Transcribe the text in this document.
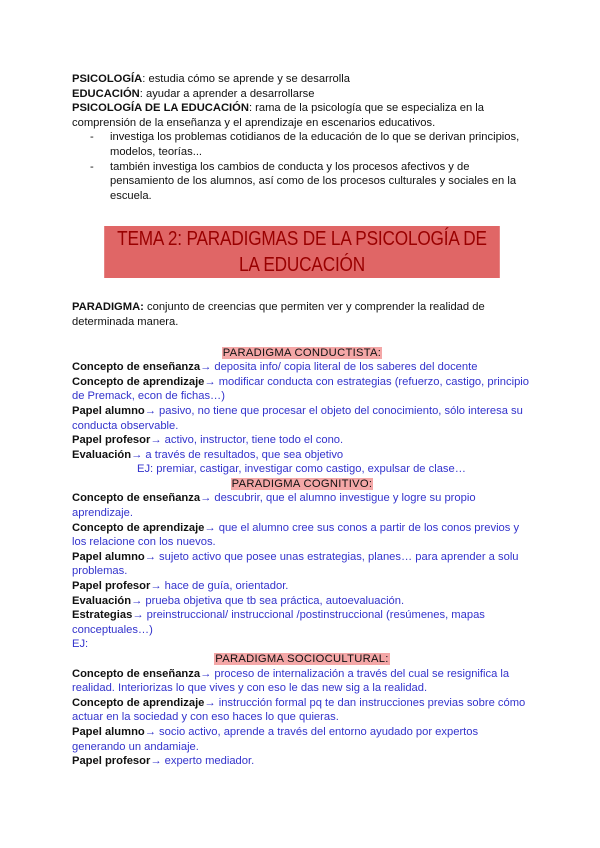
PSICOLOGÍA: estudia cómo se aprende y se desarrolla
EDUCACIÓN: ayudar a aprender a desarrollarse
PSICOLOGÍA DE LA EDUCACIÓN: rama de la psicología que se especializa en la comprensión de la enseñanza y el aprendizaje en escenarios educativos.
- investiga los problemas cotidianos de la educación de lo que se derivan principios, modelos, teorías...
- también investiga los cambios de conducta y los procesos afectivos y de pensamiento de los alumnos, así como de los procesos culturales y sociales en la escuela.
TEMA 2: PARADIGMAS DE LA PSICOLOGÍA DE LA EDUCACIÓN
PARADIGMA: conjunto de creencias que permiten ver y comprender la realidad de determinada manera.
PARADIGMA CONDUCTISTA:
Concepto de enseñanza→ deposita info/ copia literal de los saberes del docente
Concepto de aprendizaje→ modificar conducta con estrategias (refuerzo, castigo, principio de Premack, econ de fichas…)
Papel alumno→ pasivo, no tiene que procesar el objeto del conocimiento, sólo interesa su conducta observable.
Papel profesor→ activo, instructor, tiene todo el cono.
Evaluación→ a través de resultados, que sea objetivo
EJ: premiar, castigar, investigar como castigo, expulsar de clase…
PARADIGMA COGNITIVO:
Concepto de enseñanza→ descubrir, que el alumno investigue y logre su propio aprendizaje.
Concepto de aprendizaje→ que el alumno cree sus conos a partir de los conos previos y los relacione con los nuevos.
Papel alumno→ sujeto activo que posee unas estrategias, planes… para aprender a solu problemas.
Papel profesor→ hace de guía, orientador.
Evaluación→ prueba objetiva que tb sea práctica, autoevaluación.
Estrategias→ preinstruccional/ instruccional /postinstruccional (resúmenes, mapas conceptuales…)
EJ:
PARADIGMA SOCIOCULTURAL:
Concepto de enseñanza→ proceso de internalización a través del cual se resignifica la realidad. Interiorizas lo que vives y con eso le das new sig a la realidad.
Concepto de aprendizaje→ instrucción formal pq te dan instrucciones previas sobre cómo actuar en la sociedad y con eso haces lo que quieras.
Papel alumno→ socio activo, aprende a través del entorno ayudado por expertos generando un andamiaje.
Papel profesor→ experto mediador.
